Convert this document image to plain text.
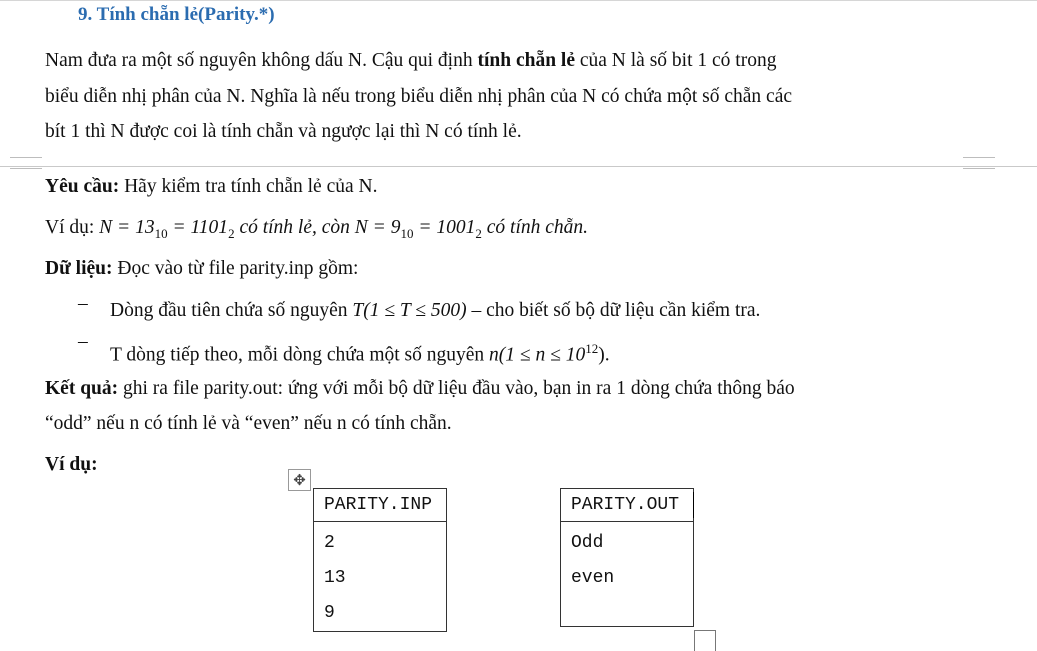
9. Tính chẵn lẻ(Parity.*)
Nam đưa ra một số nguyên không dấu N. Cậu qui định tính chẵn lẻ của N là số bit 1 có trong
biểu diễn nhị phân của N. Nghĩa là nếu trong biểu diễn nhị phân của N có chứa một số chẵn các
bít 1 thì N được coi là tính chẵn và ngược lại thì N có tính lẻ.
Yêu cầu: Hãy kiểm tra tính chẵn lẻ của N.
Ví dụ: $N = 13_{10} = 1101_2$ có tính lẻ, còn $N = 9_{10} = 1001_2$ có tính chẵn.
Dữ liệu: Đọc vào từ file parity.inp gồm:
– Dòng đầu tiên chứa số nguyên T(1 ≤ T ≤ 500) – cho biết số bộ dữ liệu cần kiểm tra.
–
T dòng tiếp theo, mỗi dòng chứa một số nguyên $n(1 \le n \le 10^{12})$.
Kết quả: ghi ra file parity.out: ứng với mỗi bộ dữ liệu đầu vào, bạn in ra 1 dòng chứa thông báo
“odd” nếu n có tính lẻ và “even” nếu n có tính chẵn.
Ví dụ:
✥
PARITY.INP

2
13
9
PARITY.OUT

Odd
even
